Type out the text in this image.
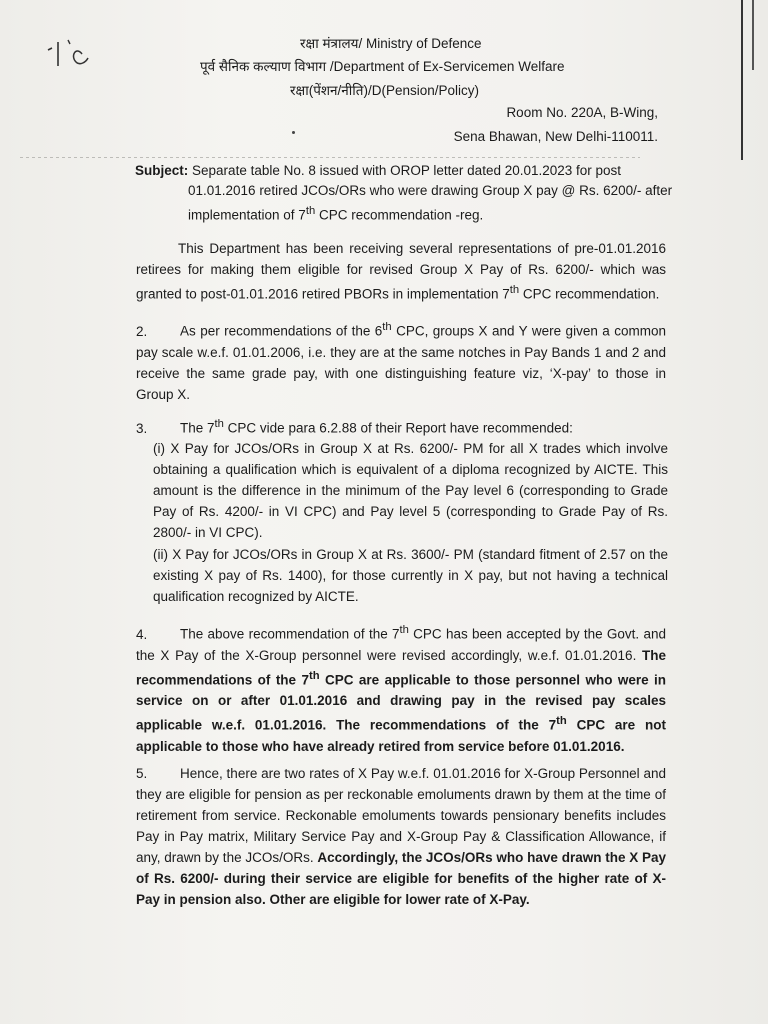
रक्षा मंत्रालय/ Ministry of Defence
पूर्व सैनिक कल्याण विभाग /Department of Ex-Servicemen Welfare
रक्षा(पेंशन/नीति)/D(Pension/Policy)
Room No. 220A, B-Wing,
Sena Bhawan, New Delhi-110011.
Subject: Separate table No. 8 issued with OROP letter dated 20.01.2023 for post
01.01.2016 retired JCOs/ORs who were drawing Group X pay @ Rs. 6200/- after
implementation of 7th CPC recommendation -reg.
This Department has been receiving several representations of pre-01.01.2016 retirees for making them eligible for revised Group X Pay of Rs. 6200/- which was granted to post-01.01.2016 retired PBORs in implementation 7th CPC recommendation.
2. As per recommendations of the 6th CPC, groups X and Y were given a common pay scale w.e.f. 01.01.2006, i.e. they are at the same notches in Pay Bands 1 and 2 and receive the same grade pay, with one distinguishing feature viz, ‘X-pay’ to those in Group X.
3. The 7th CPC vide para 6.2.88 of their Report have recommended:
(i) X Pay for JCOs/ORs in Group X at Rs. 6200/- PM for all X trades which involve obtaining a qualification which is equivalent of a diploma recognized by AICTE. This amount is the difference in the minimum of the Pay level 6 (corresponding to Grade Pay of Rs. 4200/- in VI CPC) and Pay level 5 (corresponding to Grade Pay of Rs. 2800/- in VI CPC).
(ii) X Pay for JCOs/ORs in Group X at Rs. 3600/- PM (standard fitment of 2.57 on the existing X pay of Rs. 1400), for those currently in X pay, but not having a technical qualification recognized by AICTE.
4. The above recommendation of the 7th CPC has been accepted by the Govt. and the X Pay of the X-Group personnel were revised accordingly, w.e.f. 01.01.2016. The recommendations of the 7th CPC are applicable to those personnel who were in service on or after 01.01.2016 and drawing pay in the revised pay scales applicable w.e.f. 01.01.2016. The recommendations of the 7th CPC are not applicable to those who have already retired from service before 01.01.2016.
5. Hence, there are two rates of X Pay w.e.f. 01.01.2016 for X-Group Personnel and they are eligible for pension as per reckonable emoluments drawn by them at the time of retirement from service. Reckonable emoluments towards pensionary benefits includes Pay in Pay matrix, Military Service Pay and X-Group Pay & Classification Allowance, if any, drawn by the JCOs/ORs. Accordingly, the JCOs/ORs who have drawn the X Pay of Rs. 6200/- during their service are eligible for benefits of the higher rate of X-Pay in pension also. Other are eligible for lower rate of X-Pay.
